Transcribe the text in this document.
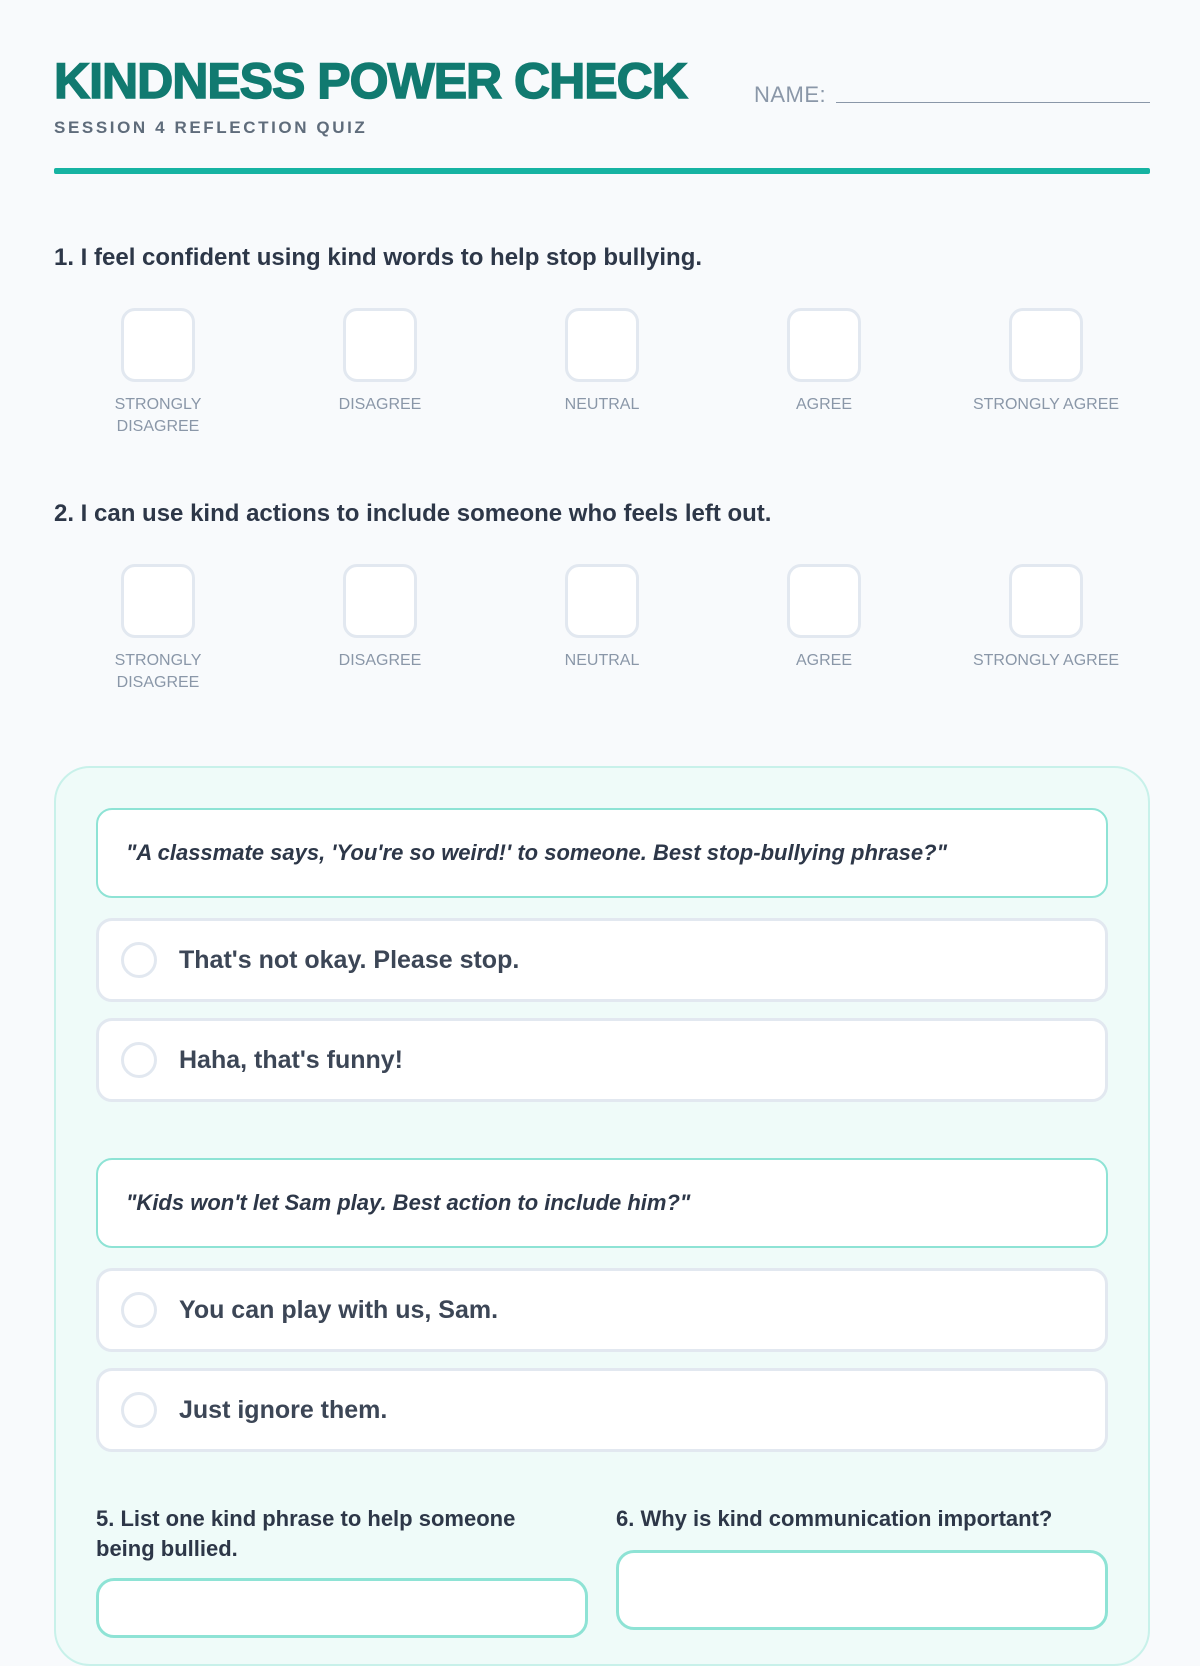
KINDNESS POWER CHECK	NAME:
SESSION 4 REFLECTION QUIZ
1. I feel confident using kind words to help stop bullying.
STRONGLY DISAGREE
DISAGREE	NEUTRAL	AGREE	STRONGLY AGREE
2. I can use kind actions to include someone who feels left out.
STRONGLY DISAGREE
DISAGREE	NEUTRAL	AGREE	STRONGLY AGREE
"A classmate says, 'You're so weird!' to someone. Best stop-bullying phrase?"
That's not okay. Please stop.
Haha, that's funny!
"Kids won't let Sam play. Best action to include him?"
You can play with us, Sam.
Just ignore them.
5. List one kind phrase to help someone being bullied.
6. Why is kind communication important?
